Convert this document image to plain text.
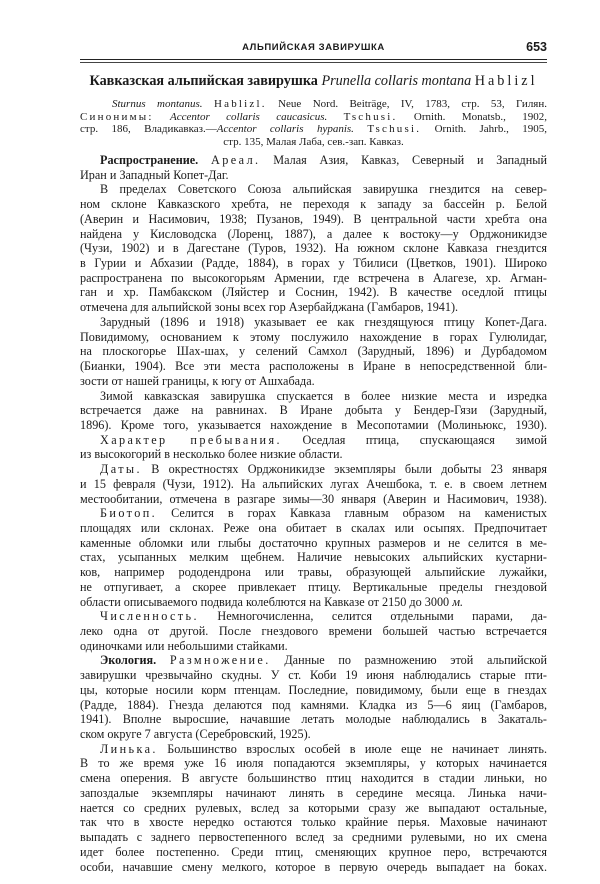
АЛЬПИЙСКАЯ ЗАВИРУШКА	653
Кавказская альпийская завирушка Prunella collaris montana Hablizl
Sturnus montanus. Hablizl. Neue Nord. Beiträge, IV, 1783, стр. 53, Гилян.
Синонимы: Accentor collaris caucasicus. Tschusi. Ornith. Monatsb., 1902,
стр. 186, Владикавказ.—Accentor collaris hypanis. Tschusi. Ornith. Jahrb., 1905,
стр. 135, Малая Лаба, сев.-зап. Кавказ.
Распространение. Ареал. Малая Азия, Кавказ, Северный и Западный
Иран и Западный Копет-Даг.
В пределах Советского Союза альпийская завирушка гнездится на север-
ном склоне Кавказского хребта, не переходя к западу за бассейн р. Белой
(Аверин и Насимович, 1938; Пузанов, 1949). В центральной части хребта она
найдена у Кисловодска (Лоренц, 1887), а далее к востоку—у Орджоникидзе
(Чузи, 1902) и в Дагестане (Туров, 1932). На южном склоне Кавказа гнездится
в Гурии и Абхазии (Радде, 1884), в горах у Тбилиси (Цветков, 1901). Широко
распространена по высокогорьям Армении, где встречена в Алагезе, хр. Агман-
ган и хр. Памбакском (Ляйстер и Соснин, 1942). В качестве оседлой птицы
отмечена для альпийской зоны всех гор Азербайджана (Гамбаров, 1941).
Зарудный (1896 и 1918) указывает ее как гнездящуюся птицу Копет-Дага.
Повидимому, основанием к этому послужило нахождение в горах Гулюлидаг,
на плоскогорье Шах-шах, у селений Самхол (Зарудный, 1896) и Дурбадомом
(Бианки, 1904). Все эти места расположены в Иране в непосредственной бли-
зости от нашей границы, к югу от Ашхабада.
Зимой кавказская завирушка спускается в более низкие места и изредка
встречается даже на равнинах. В Иране добыта у Бендер-Гязи (Зарудный,
1896). Кроме того, указывается нахождение в Месопотамии (Молиньюкс, 1930).
Характер пребывания. Оседлая птица, спускающаяся зимой
из высокогорий в несколько более низкие области.
Даты. В окрестностях Орджоникидзе экземпляры были добыты 23 января
и 15 февраля (Чузи, 1912). На альпийских лугах Ачешбока, т. е. в своем летнем
местообитании, отмечена в разгаре зимы—30 января (Аверин и Насимович, 1938).
Биотоп. Селится в горах Кавказа главным образом на каменистых
площадях или склонах. Реже она обитает в скалах или осыпях. Предпочитает
каменные обломки или глыбы достаточно крупных размеров и не селится в ме-
стах, усыпанных мелким щебнем. Наличие невысоких альпийских кустарни-
ков, например рододендрона или травы, образующей альпийские лужайки,
не отпугивает, а скорее привлекает птицу. Вертикальные пределы гнездовой
области описываемого подвида колеблются на Кавказе от 2150 до 3000 м.
Численность. Немногочисленна, селится отдельными парами, да-
леко одна от другой. После гнездового времени большей частью встречается
одиночками или небольшими стайками.
Экология. Размножение. Данные по размножению этой альпийской
завирушки чрезвычайно скудны. У ст. Коби 19 июня наблюдались старые пти-
цы, которые носили корм птенцам. Последние, повидимому, были еще в гнездах
(Радде, 1884). Гнезда делаются под камнями. Кладка из 5—6 яиц (Гамбаров,
1941). Вполне выросшие, начавшие летать молодые наблюдались в Закаталь-
ском округе 7 августа (Серебровский, 1925).
Линька. Большинство взрослых особей в июле еще не начинает линять.
В то же время уже 16 июля попадаются экземпляры, у которых начинается
смена оперения. В августе большинство птиц находится в стадии линьки, но
запоздалые экземпляры начинают линять в середине месяца. Линька начи-
нается со средних рулевых, вслед за которыми сразу же выпадают остальные,
так что в хвосте нередко остаются только крайние перья. Маховые начинают
выпадать с заднего первостепенного вслед за средними рулевыми, но их смена
идет более постепенно. Среди птиц, сменяющих крупное перо, встречаются
особи, начавшие смену мелкого, которое в первую очередь выпадает на боках.
